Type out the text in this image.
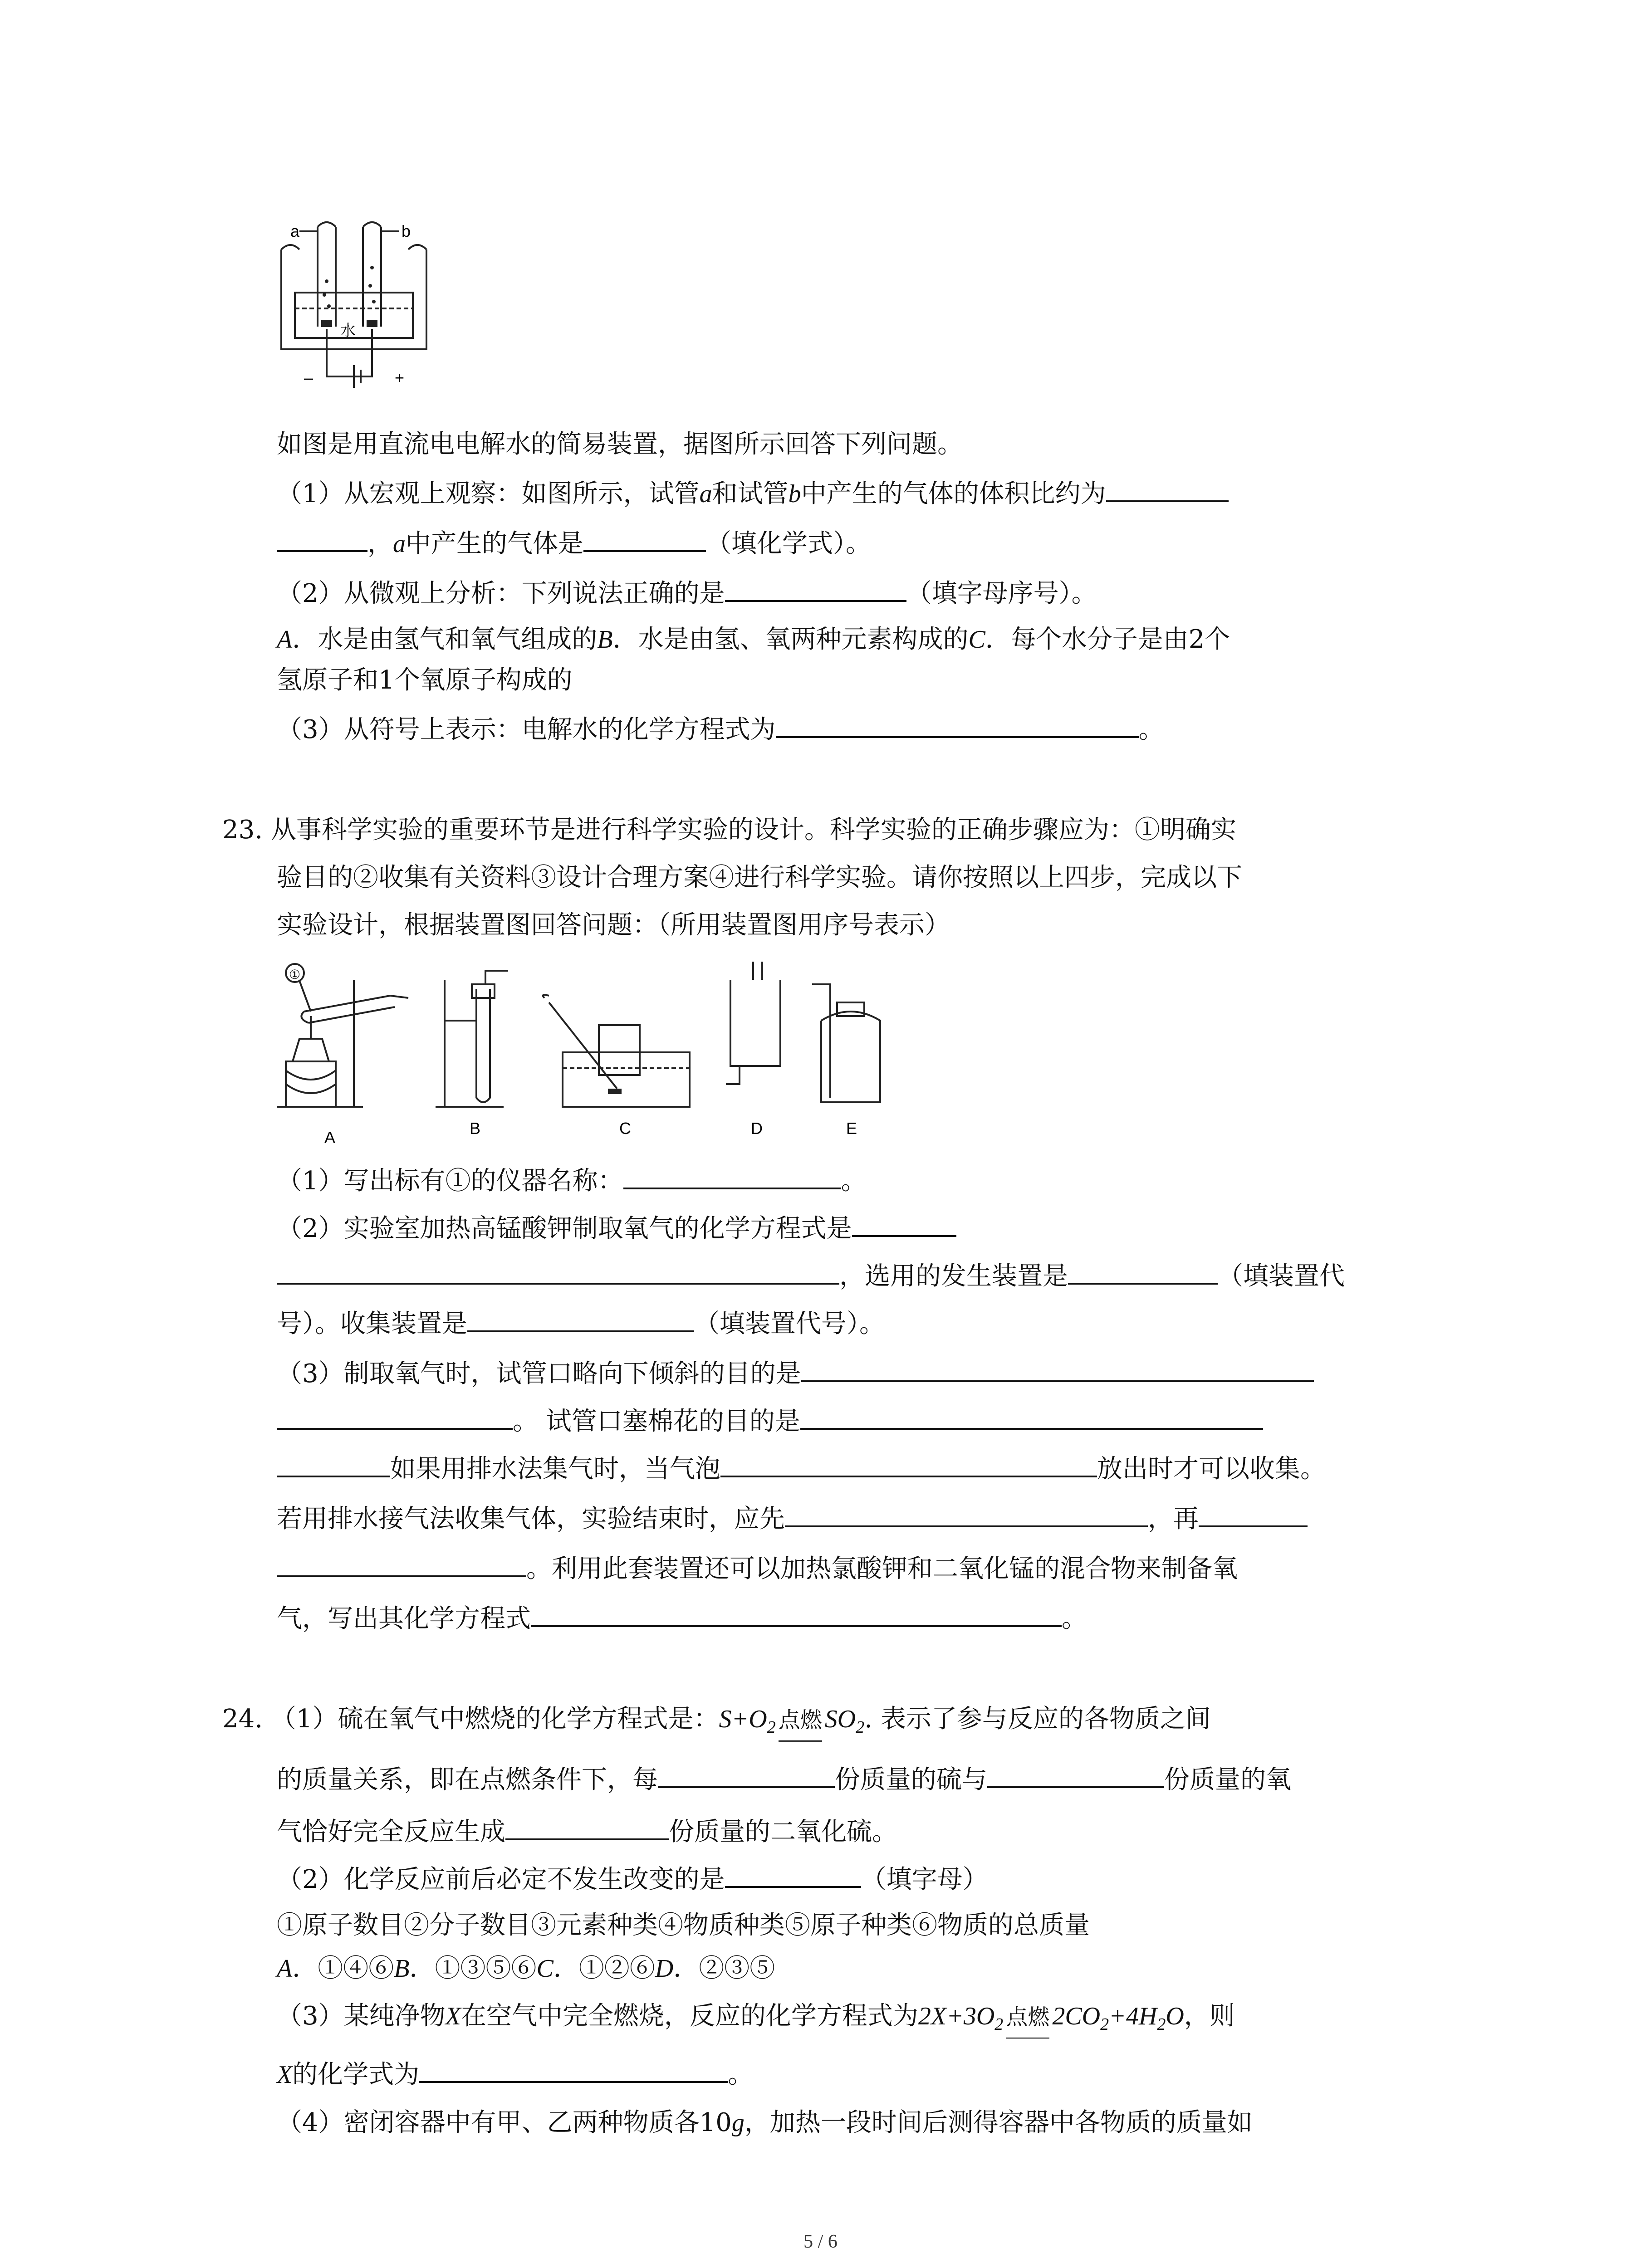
a	b
水
–	+
如图是用直流电电解水的简易装置，据图所示回答下列问题。
（1）从宏观上观察：如图所示，试管a和试管b中产生的气体的体积比约为
，a中产生的气体是	（填化学式）。
（2）从微观上分析：下列说法正确的是	（填字母序号）。
A．水是由氢气和氧气组成的B．水是由氢、氧两种元素构成的C．每个水分子是由2个
氢原子和1个氧原子构成的
（3）从符号上表示：电解水的化学方程式为	。
23. 从事科学实验的重要环节是进行科学实验的设计。科学实验的正确步骤应为：①明确实
验目的②收集有关资料③设计合理方案④进行科学实验。请你按照以上四步，完成以下
实验设计，根据装置图回答问题：（所用装置图用序号表示）
①
A	B	C	D	E
（1）写出标有①的仪器名称：	。
（2）实验室加热高锰酸钾制取氧气的化学方程式是
，选用的发生装置是	（填装置代
号）。收集装置是	（填装置代号）。
（3）制取氧气时，试管口略向下倾斜的目的是
。 试管口塞棉花的目的是
如果用排水法集气时，当气泡	放出时才可以收集。
若用排水接气法收集气体，实验结束时，应先	，再
。利用此套装置还可以加热氯酸钾和二氧化锰的混合物来制备氧
气，写出其化学方程式	。
24. （1）硫在氧气中燃烧的化学方程式是：$S+O_2$ 点燃 $SO_2$. 表示了参与反应的各物质之间
的质量关系，即在点燃条件下，每	份质量的硫与	份质量的氧
气恰好完全反应生成	份质量的二氧化硫。
（2）化学反应前后必定不发生改变的是	（填字母）
①原子数目②分子数目③元素种类④物质种类⑤原子种类⑥物质的总质量
A．①④⑥B．①③⑤⑥C．①②⑥D．②③⑤
（3）某纯净物X在空气中完全燃烧，反应的化学方程式为$2X+3O_2$ 点燃 $2CO_2+4H_2O$，则
X的化学式为	。
（4）密闭容器中有甲、乙两种物质各10g，加热一段时间后测得容器中各物质的质量如
5 / 6
